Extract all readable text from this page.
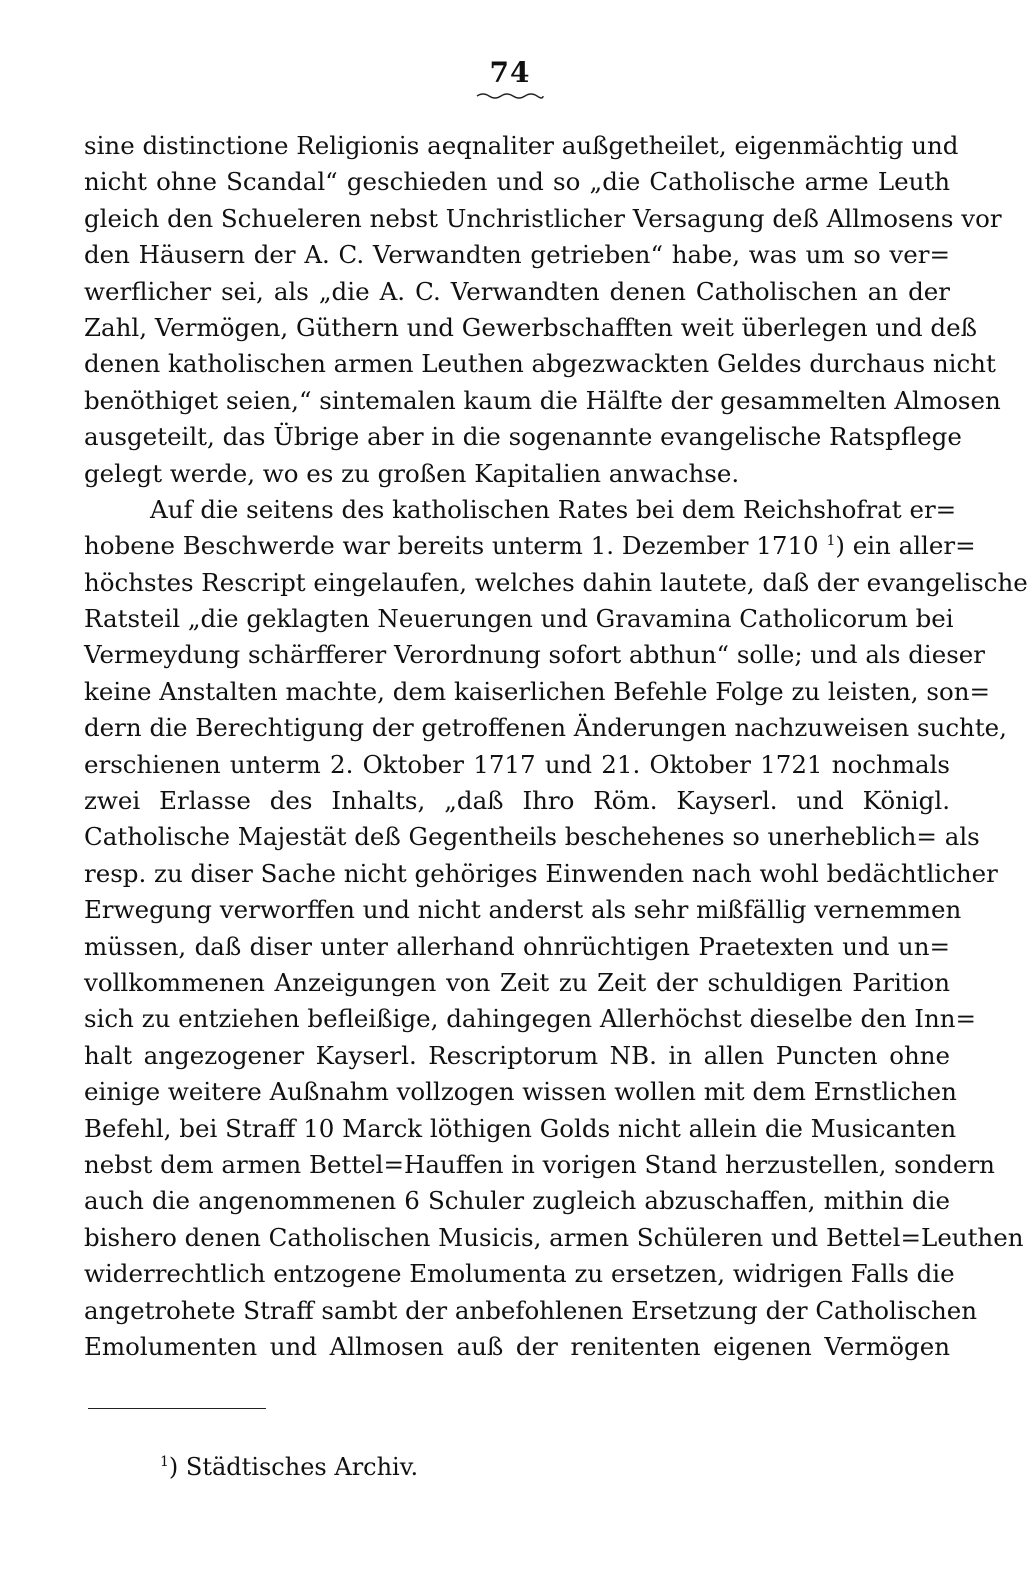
74
sine distinctione Religionis aeqnaliter außgetheilet, eigenmächtig und
nicht ohne Scandal“ geschieden und so „die Catholische arme Leuth
gleich den Schueleren nebst Unchristlicher Versagung deß Allmosens vor
den Häusern der A. C. Verwandten getrieben“ habe, was um so ver=
werflicher sei, als „die A. C. Verwandten denen Catholischen an der
Zahl, Vermögen, Güthern und Gewerbschafften weit überlegen und deß
denen katholischen armen Leuthen abgezwackten Geldes durchaus nicht
benöthiget seien,“ sintemalen kaum die Hälfte der gesammelten Almosen
ausgeteilt, das Übrige aber in die sogenannte evangelische Ratspflege
gelegt werde, wo es zu großen Kapitalien anwachse.
Auf die seitens des katholischen Rates bei dem Reichshofrat er=
hobene Beschwerde war bereits unterm 1. Dezember 1710 $^1$) ein aller=
höchstes Rescript eingelaufen, welches dahin lautete, daß der evangelische
Ratsteil „die geklagten Neuerungen und Gravamina Catholicorum bei
Vermeydung schärfferer Verordnung sofort abthun“ solle; und als dieser
keine Anstalten machte, dem kaiserlichen Befehle Folge zu leisten, son=
dern die Berechtigung der getroffenen Änderungen nachzuweisen suchte,
erschienen unterm 2. Oktober 1717 und 21. Oktober 1721 nochmals
zwei Erlasse des Inhalts, „daß Ihro Röm. Kayserl. und Königl.
Catholische Majestät deß Gegentheils beschehenes so unerheblich= als
resp. zu diser Sache nicht gehöriges Einwenden nach wohl bedächtlicher
Erwegung verworffen und nicht anderst als sehr mißfällig vernemmen
müssen, daß diser unter allerhand ohnrüchtigen Praetexten und un=
vollkommenen Anzeigungen von Zeit zu Zeit der schuldigen Parition
sich zu entziehen befleißige, dahingegen Allerhöchst dieselbe den Inn=
halt angezogener Kayserl. Rescriptorum NB. in allen Puncten ohne
einige weitere Außnahm vollzogen wissen wollen mit dem Ernstlichen
Befehl, bei Straff 10 Marck löthigen Golds nicht allein die Musicanten
nebst dem armen Bettel=Hauffen in vorigen Stand herzustellen, sondern
auch die angenommenen 6 Schuler zugleich abzuschaffen, mithin die
bishero denen Catholischen Musicis, armen Schüleren und Bettel=Leuthen
widerrechtlich entzogene Emolumenta zu ersetzen, widrigen Falls die
angetrohete Straff sambt der anbefohlenen Ersetzung der Catholischen
Emolumenten und Allmosen auß der renitenten eigenen Vermögen
$^1$) Städtisches Archiv.
